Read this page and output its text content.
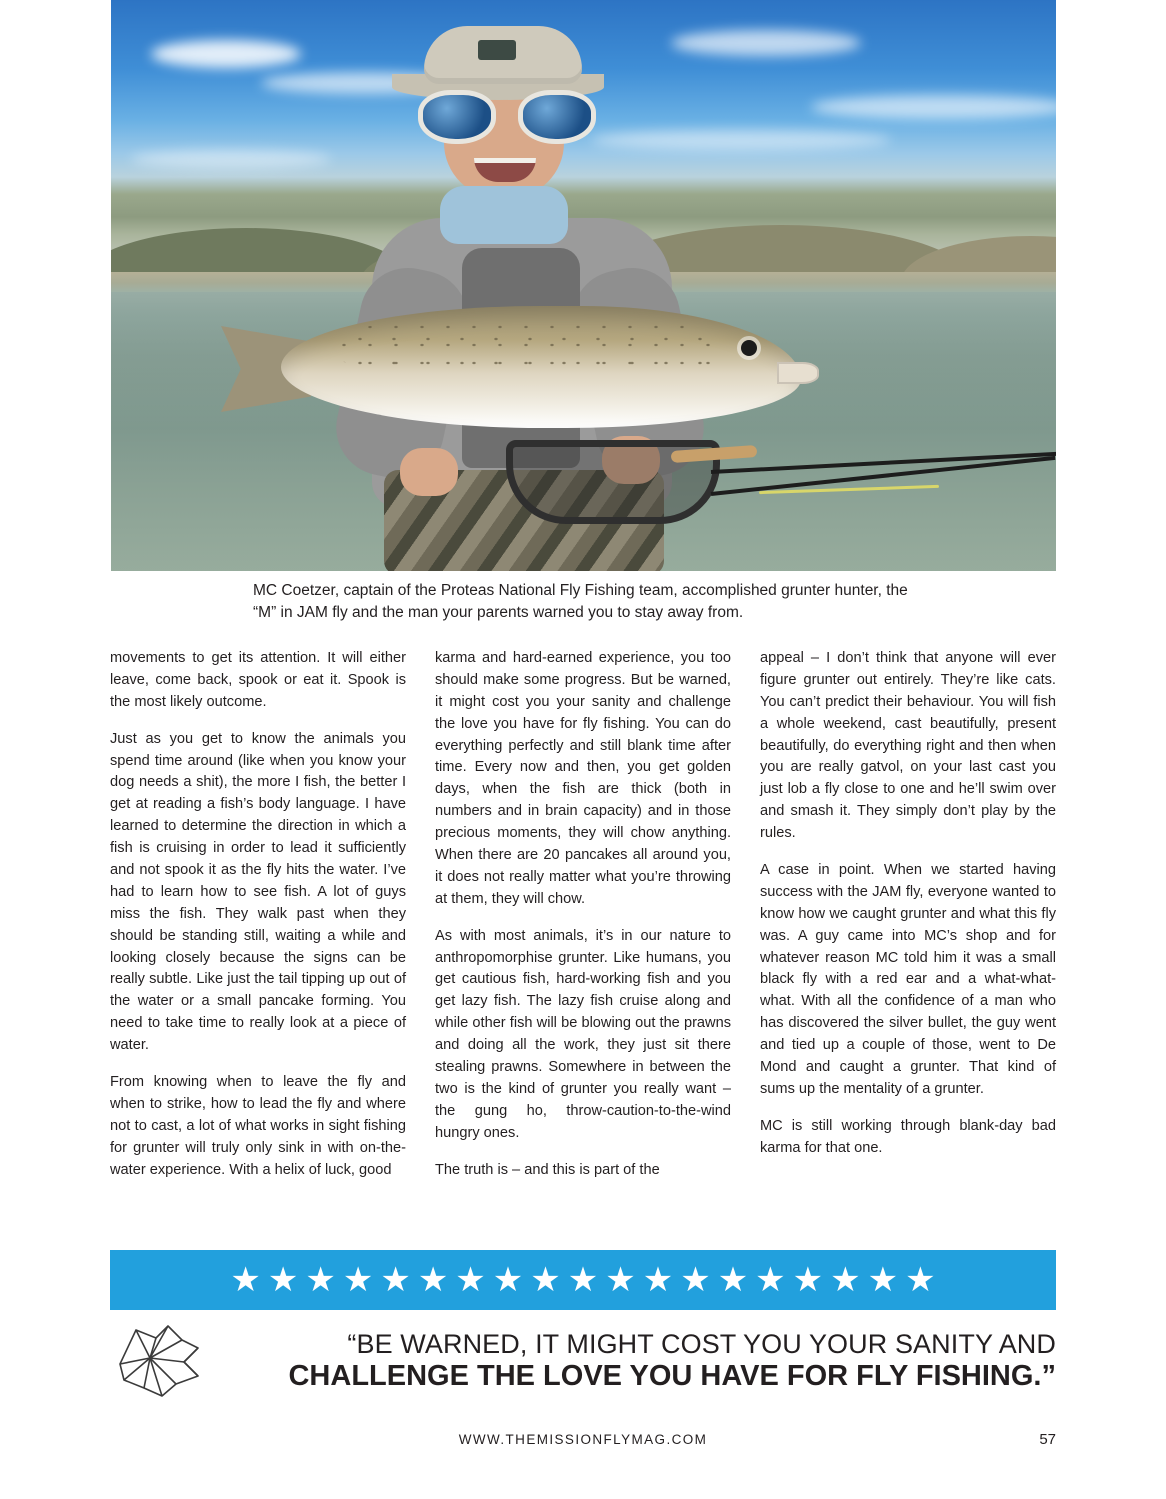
MC Coetzer, captain of the Proteas National Fly Fishing team, accomplished grunter hunter, the “M” in JAM fly and the man your parents warned you to stay away from.

movements to get its attention. It will either leave, come back, spook or eat it. Spook is the most likely outcome.

Just as you get to know the animals you spend time around (like when you know your dog needs a shit), the more I fish, the better I get at reading a fish’s body language. I have learned to determine the direction in which a fish is cruising in order to lead it sufficiently and not spook it as the fly hits the water. I’ve had to learn how to see fish. A lot of guys miss the fish. They walk past when they should be standing still, waiting a while and looking closely because the signs can be really subtle. Like just the tail tipping up out of the water or a small pancake forming. You need to take time to really look at a piece of water.

From knowing when to leave the fly and when to strike, how to lead the fly and where not to cast, a lot of what works in sight fishing for grunter will truly only sink in with on-the-water experience. With a helix of luck, good

karma and hard-earned experience, you too should make some progress. But be warned, it might cost you your sanity and challenge the love you have for fly fishing. You can do everything perfectly and still blank time after time. Every now and then, you get golden days, when the fish are thick (both in numbers and in brain capacity) and in those precious moments, they will chow anything. When there are 20 pancakes all around you, it does not really matter what you’re throwing at them, they will chow.

As with most animals, it’s in our nature to anthropomorphise grunter. Like humans, you get cautious fish, hard-working fish and you get lazy fish. The lazy fish cruise along and while other fish will be blowing out the prawns and doing all the work, they just sit there stealing prawns. Somewhere in between the two is the kind of grunter you really want – the gung ho, throw-caution-to-the-wind hungry ones.

The truth is – and this is part of the

appeal – I don’t think that anyone will ever figure grunter out entirely. They’re like cats. You can’t predict their behaviour. You will fish a whole weekend, cast beautifully, present beautifully, do everything right and then when you are really gatvol, on your last cast you just lob a fly close to one and he’ll swim over and smash it. They simply don’t play by the rules.

A case in point. When we started having success with the JAM fly, everyone wanted to know how we caught grunter and what this fly was. A guy came into MC’s shop and for whatever reason MC told him it was a small black fly with a red ear and a what-what-what. With all the confidence of a man who has discovered the silver bullet, the guy went and tied up a couple of those, went to De Mond and caught a grunter. That kind of sums up the mentality of a grunter.

MC is still working through blank-day bad karma for that one.

★ ★ ★ ★ ★ ★ ★ ★ ★ ★ ★ ★ ★ ★ ★ ★ ★ ★ ★
“BE WARNED, IT MIGHT COST YOU YOUR SANITY AND
CHALLENGE THE LOVE YOU HAVE FOR FLY FISHING.”
WWW.THEMISSIONFLYMAG.COM	57
